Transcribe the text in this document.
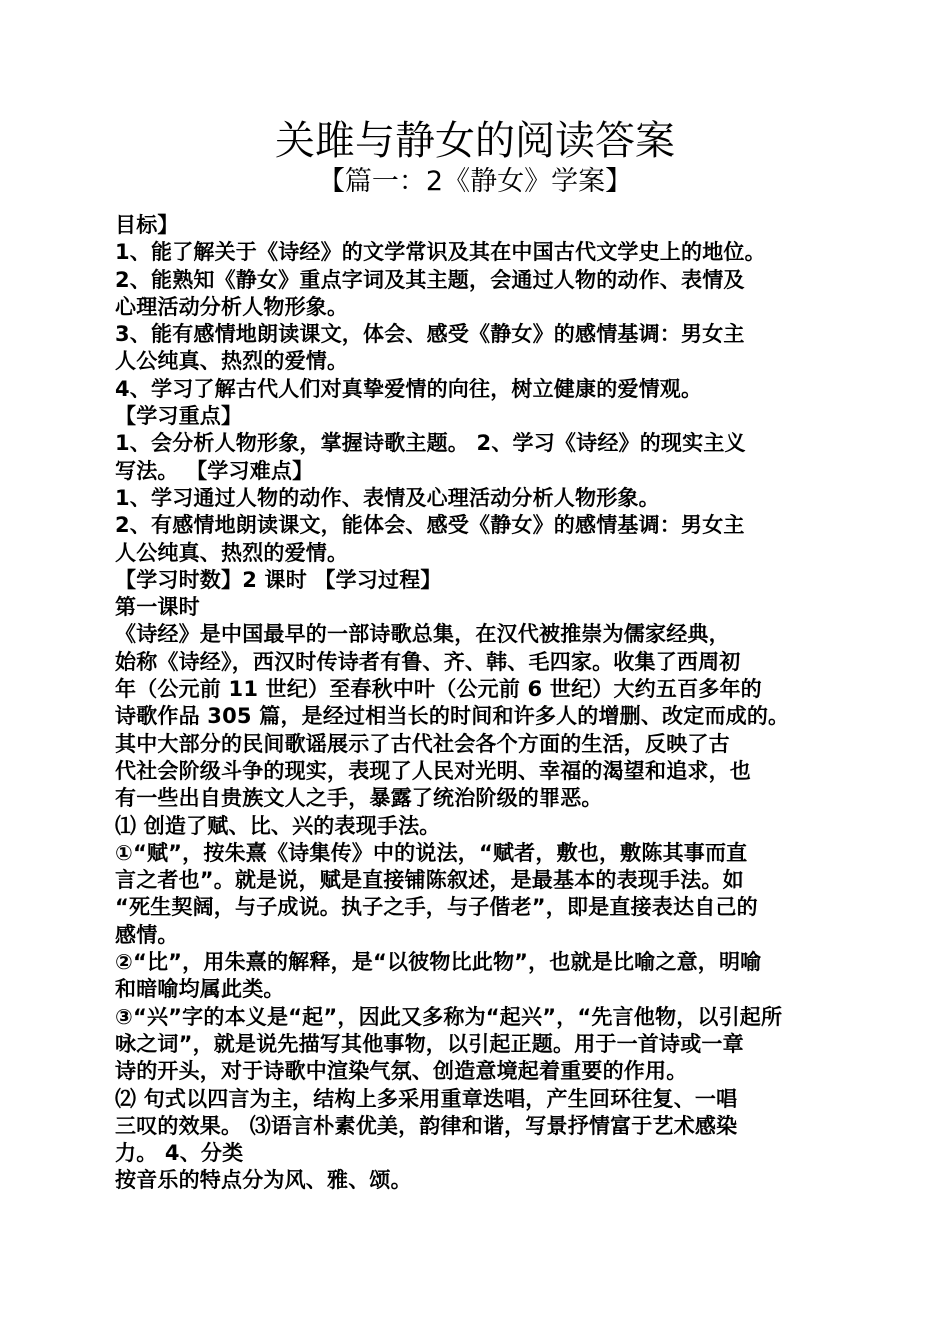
关雎与静女的阅读答案
【篇一：2《静女》学案】
目标】
1、能了解关于《诗经》的文学常识及其在中国古代文学史上的地位。
2、能熟知《静女》重点字词及其主题，会通过人物的动作、表情及
心理活动分析人物形象。
3、能有感情地朗读课文，体会、感受《静女》的感情基调：男女主
人公纯真、热烈的爱情。
4、学习了解古代人们对真挚爱情的向往，树立健康的爱情观。
【学习重点】
1、会分析人物形象，掌握诗歌主题。 2、学习《诗经》的现实主义
写法。 【学习难点】
1、学习通过人物的动作、表情及心理活动分析人物形象。
2、有感情地朗读课文，能体会、感受《静女》的感情基调：男女主
人公纯真、热烈的爱情。
【学习时数】2 课时 【学习过程】
第一课时
《诗经》是中国最早的一部诗歌总集，在汉代被推崇为儒家经典，
始称《诗经》，西汉时传诗者有鲁、齐、韩、毛四家。收集了西周初
年（公元前 11 世纪）至春秋中叶（公元前 6 世纪）大约五百多年的
诗歌作品 305 篇，是经过相当长的时间和许多人的增删、改定而成的。
其中大部分的民间歌谣展示了古代社会各个方面的生活，反映了古
代社会阶级斗争的现实，表现了人民对光明、幸福的渴望和追求，也
有一些出自贵族文人之手，暴露了统治阶级的罪恶。
⑴ 创造了赋、比、兴的表现手法。
①“赋”，按朱熹《诗集传》中的说法，“赋者，敷也，敷陈其事而直
言之者也”。就是说，赋是直接铺陈叙述，是最基本的表现手法。如
“死生契阔，与子成说。执子之手，与子偕老”，即是直接表达自己的
感情。
②“比”，用朱熹的解释，是“以彼物比此物”，也就是比喻之意，明喻
和暗喻均属此类。
③“兴”字的本义是“起”，因此又多称为“起兴”，“先言他物，以引起所
咏之词”，就是说先描写其他事物，以引起正题。用于一首诗或一章
诗的开头，对于诗歌中渲染气氛、创造意境起着重要的作用。
⑵ 句式以四言为主，结构上多采用重章迭唱，产生回环往复、一唱
三叹的效果。 ⑶语言朴素优美，韵律和谐，写景抒情富于艺术感染
力。 4、分类
按音乐的特点分为风、雅、颂。
